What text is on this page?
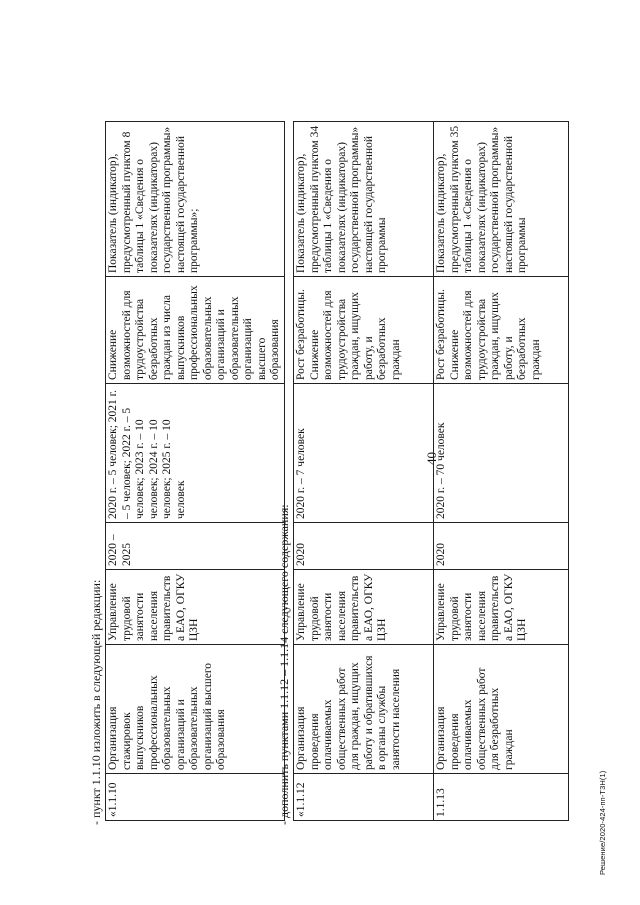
40
- пункт 1.1.10 изложить в следующей редакции: «1.1.10	Организация стажировок выпускников профессиональных образовательных организаций и образовательных организаций высшего образования	Управление трудовой занятости населения правительства ЕАО, ОГКУ ЦЗН	2020 – 2025	2020 г. – 5 человек; 2021 г. – 5 человек; 2022 г. – 5 человек; 2023 г. – 10 человек; 2024 г. – 10 человек; 2025 г. – 10 человек	Снижение возможностей для трудоустройства безработных граждан из числа выпускников профессиональных образовательных организаций и образовательных организаций высшего образования	Показатель (индикатор), предусмотренный пунктом 8 таблицы 1 «Сведения о показателях (индикаторах) государственной программы» настоящей государственной программы»;
- дополнить пунктами 1.1.12 – 1.1.14 следующего содержания: «1.1.12	Организация проведения оплачиваемых общественных работ для граждан, ищущих работу и обратившихся в органы службы занятости населения	Управление трудовой занятости населения правительства ЕАО, ОГКУ ЦЗН	2020	2020 г. – 7 человек	Рост безработицы. Снижение возможностей для трудоустройства граждан, ищущих работу, и безработных граждан	Показатель (индикатор), предусмотренный пунктом 34 таблицы 1 «Сведения о показателях (индикаторах) государственной программы» настоящей государственной программы
1.1.13	Организация проведения оплачиваемых общественных работ для безработных граждан	Управление трудовой занятости населения правительства ЕАО, ОГКУ ЦЗН	2020	2020 г. – 70 человек	Рост безработицы. Снижение возможностей для трудоустройства граждан, ищущих работу, и безработных граждан	Показатель (индикатор), предусмотренный пунктом 35 таблицы 1 «Сведения о показателях (индикаторах) государственной программы» настоящей государственной программы
Решение/2020-424-пп-Т3Н(1)
